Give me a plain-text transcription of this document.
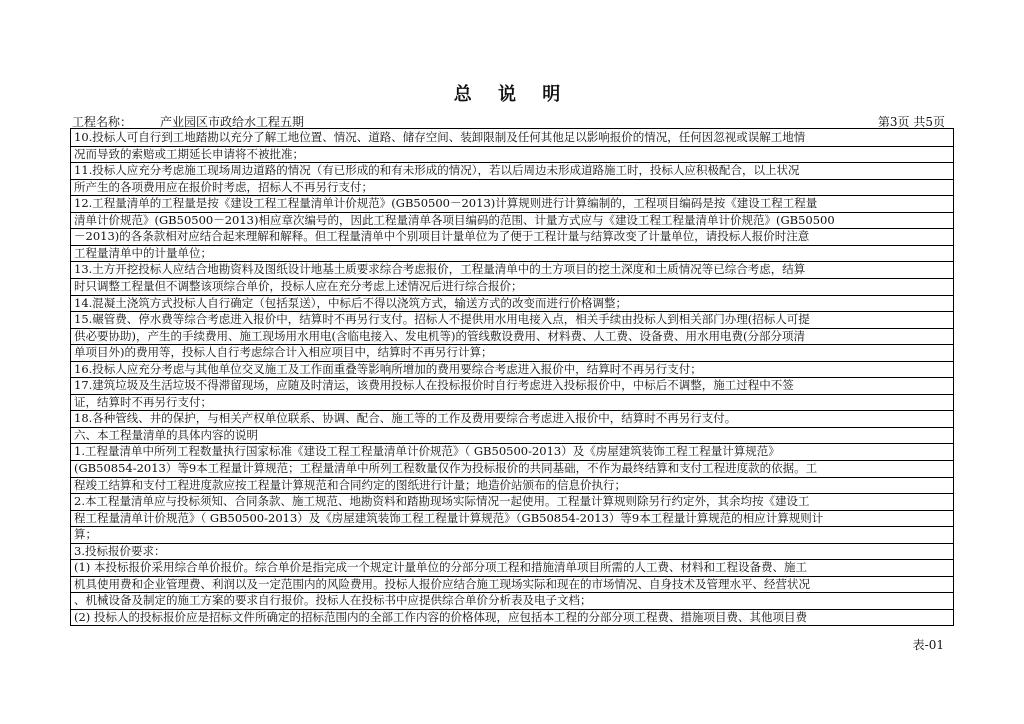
总 说 明
工程名称： 产业园区市政给水工程五期	第3页 共5页
10.投标人可自行到工地踏勘以充分了解工地位置、情况、道路、储存空间、装卸限制及任何其他足以影响报价的情况，任何因忽视或误解工地情
况而导致的索赔或工期延长申请将不被批准；
11.投标人应充分考虑施工现场周边道路的情况（有已形成的和有未形成的情况），若以后周边未形成道路施工时，投标人应积极配合，以上状况
所产生的各项费用应在报价时考虑，招标人不再另行支付；
12.工程量清单的工程量是按《建设工程工程量清单计价规范》(GB50500－2013)计算规则进行计算编制的，工程项目编码是按《建设工程工程量
清单计价规范》(GB50500－2013)相应章次编号的，因此工程量清单各项目编码的范围、计量方式应与《建设工程工程量清单计价规范》(GB50500
－2013)的各条款相对应结合起来理解和解释。但工程量清单中个别项目计量单位为了便于工程计量与结算改变了计量单位，请投标人报价时注意
工程量清单中的计量单位；
13.土方开挖投标人应结合地勘资料及图纸设计地基土质要求综合考虑报价，工程量清单中的土方项目的挖土深度和土质情况等已综合考虑，结算
时只调整工程量但不调整该项综合单价，投标人应在充分考虑上述情况后进行综合报价；
14.混凝土浇筑方式投标人自行确定（包括泵送），中标后不得以浇筑方式，输送方式的改变而进行价格调整；
15.碾管费、停水费等综合考虑进入报价中，结算时不再另行支付。招标人不提供用水用电接入点，相关手续由投标人到相关部门办理(招标人可提
供必要协助)，产生的手续费用、施工现场用水用电(含临电接入、发电机等)的管线敷设费用、材料费、人工费、设备费、用水用电费(分部分项清
单项目外)的费用等，投标人自行考虑综合计入相应项目中，结算时不再另行计算；
16.投标人应充分考虑与其他单位交叉施工及工作面重叠等影响所增加的费用要综合考虑进入报价中，结算时不再另行支付；
17.建筑垃圾及生活垃圾不得滞留现场，应随及时清运，该费用投标人在投标报价时自行考虑进入投标报价中，中标后不调整，施工过程中不签
证，结算时不再另行支付；
18.各种管线、井的保护，与相关产权单位联系、协调、配合、施工等的工作及费用要综合考虑进入报价中，结算时不再另行支付。
六、本工程量清单的具体内容的说明
1.工程量清单中所列工程数量执行国家标准《建设工程工程量清单计价规范》（ GB50500-2013）及《房屋建筑装饰工程工程量计算规范》
(GB50854-2013）等9本工程量计算规范；工程量清单中所列工程数量仅作为投标报价的共同基础，不作为最终结算和支付工程进度款的依据。工
程竣工结算和支付工程进度款应按工程量计算规范和合同约定的图纸进行计量；地造价站颁布的信息价执行；
2.本工程量清单应与投标须知、合同条款、施工规范、地勘资料和踏勘现场实际情况一起使用。工程量计算规则除另行约定外，其余均按《建设工
程工程量清单计价规范》（ GB50500-2013）及《房屋建筑装饰工程工程量计算规范》（GB50854-2013）等9本工程量计算规范的相应计算规则计
算；
3.投标报价要求：
(1) 本投标报价采用综合单价报价。综合单价是指完成一个规定计量单位的分部分项工程和措施清单项目所需的人工费、材料和工程设备费、施工
机具使用费和企业管理费、利润以及一定范围内的风险费用。投标人报价应结合施工现场实际和现在的市场情况、自身技术及管理水平、经营状况
、机械设备及制定的施工方案的要求自行报价。投标人在投标书中应提供综合单价分析表及电子文档；
(2) 投标人的投标报价应是招标文件所确定的招标范围内的全部工作内容的价格体现，应包括本工程的分部分项工程费、措施项目费、其他项目费
表-01
